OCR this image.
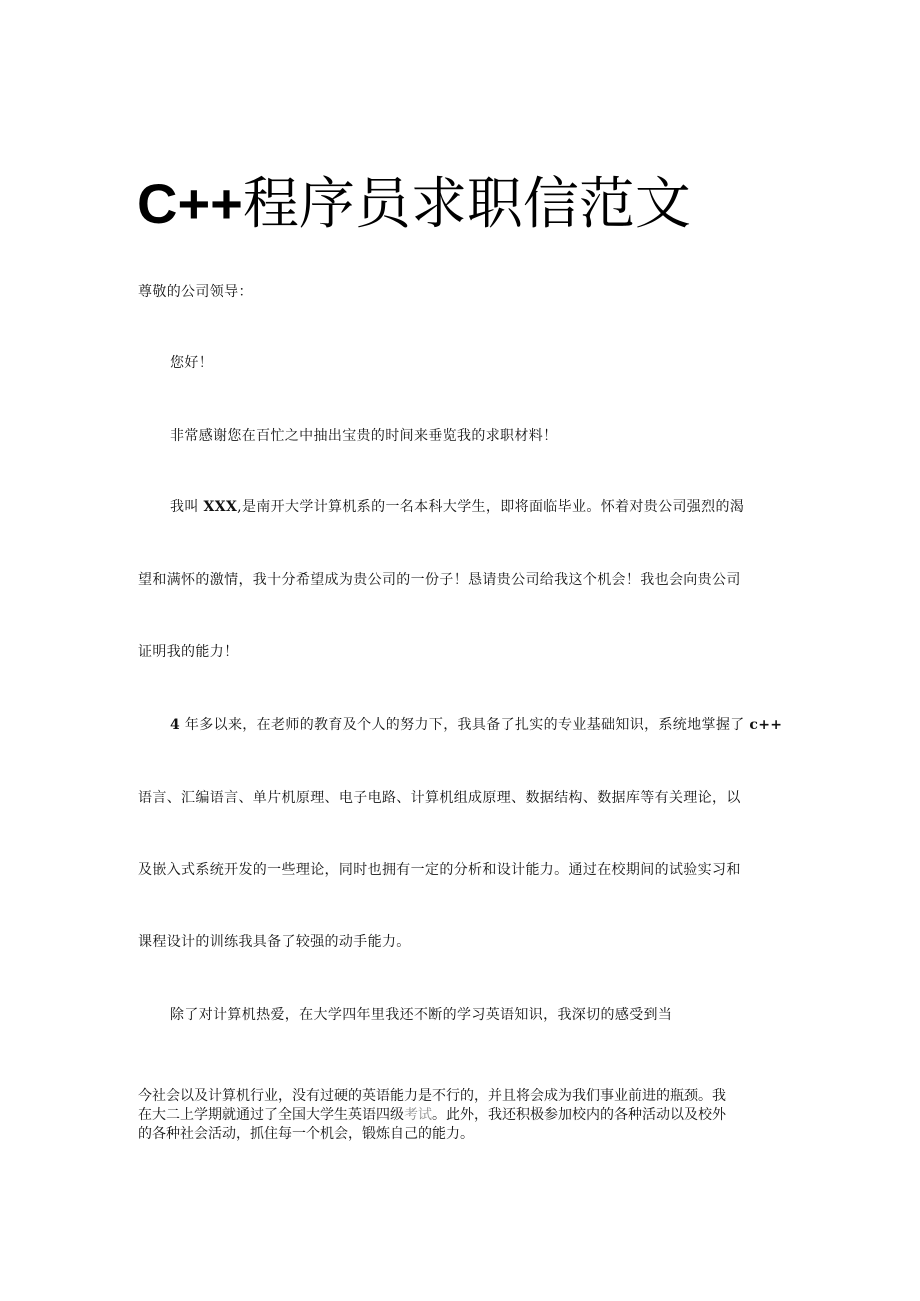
C++程序员求职信范文

尊敬的公司领导：

您好！

非常感谢您在百忙之中抽出宝贵的时间来垂览我的求职材料！

我叫 XXX,是南开大学计算机系的一名本科大学生，即将面临毕业。怀着对贵公司强烈的渴

望和满怀的激情，我十分希望成为贵公司的一份子！恳请贵公司给我这个机会！我也会向贵公司

证明我的能力！

4 年多以来，在老师的教育及个人的努力下，我具备了扎实的专业基础知识，系统地掌握了 c++

语言、汇编语言、单片机原理、电子电路、计算机组成原理、数据结构、数据库等有关理论，以

及嵌入式系统开发的一些理论，同时也拥有一定的分析和设计能力。通过在校期间的试验实习和

课程设计的训练我具备了较强的动手能力。

除了对计算机热爱，在大学四年里我还不断的学习英语知识，我深切的感受到当

今社会以及计算机行业，没有过硬的英语能力是不行的，并且将会成为我们事业前进的瓶颈。我
在大二上学期就通过了全国大学生英语四级考试。此外，我还积极参加校内的各种活动以及校外
的各种社会活动，抓住每一个机会，锻炼自己的能力。
